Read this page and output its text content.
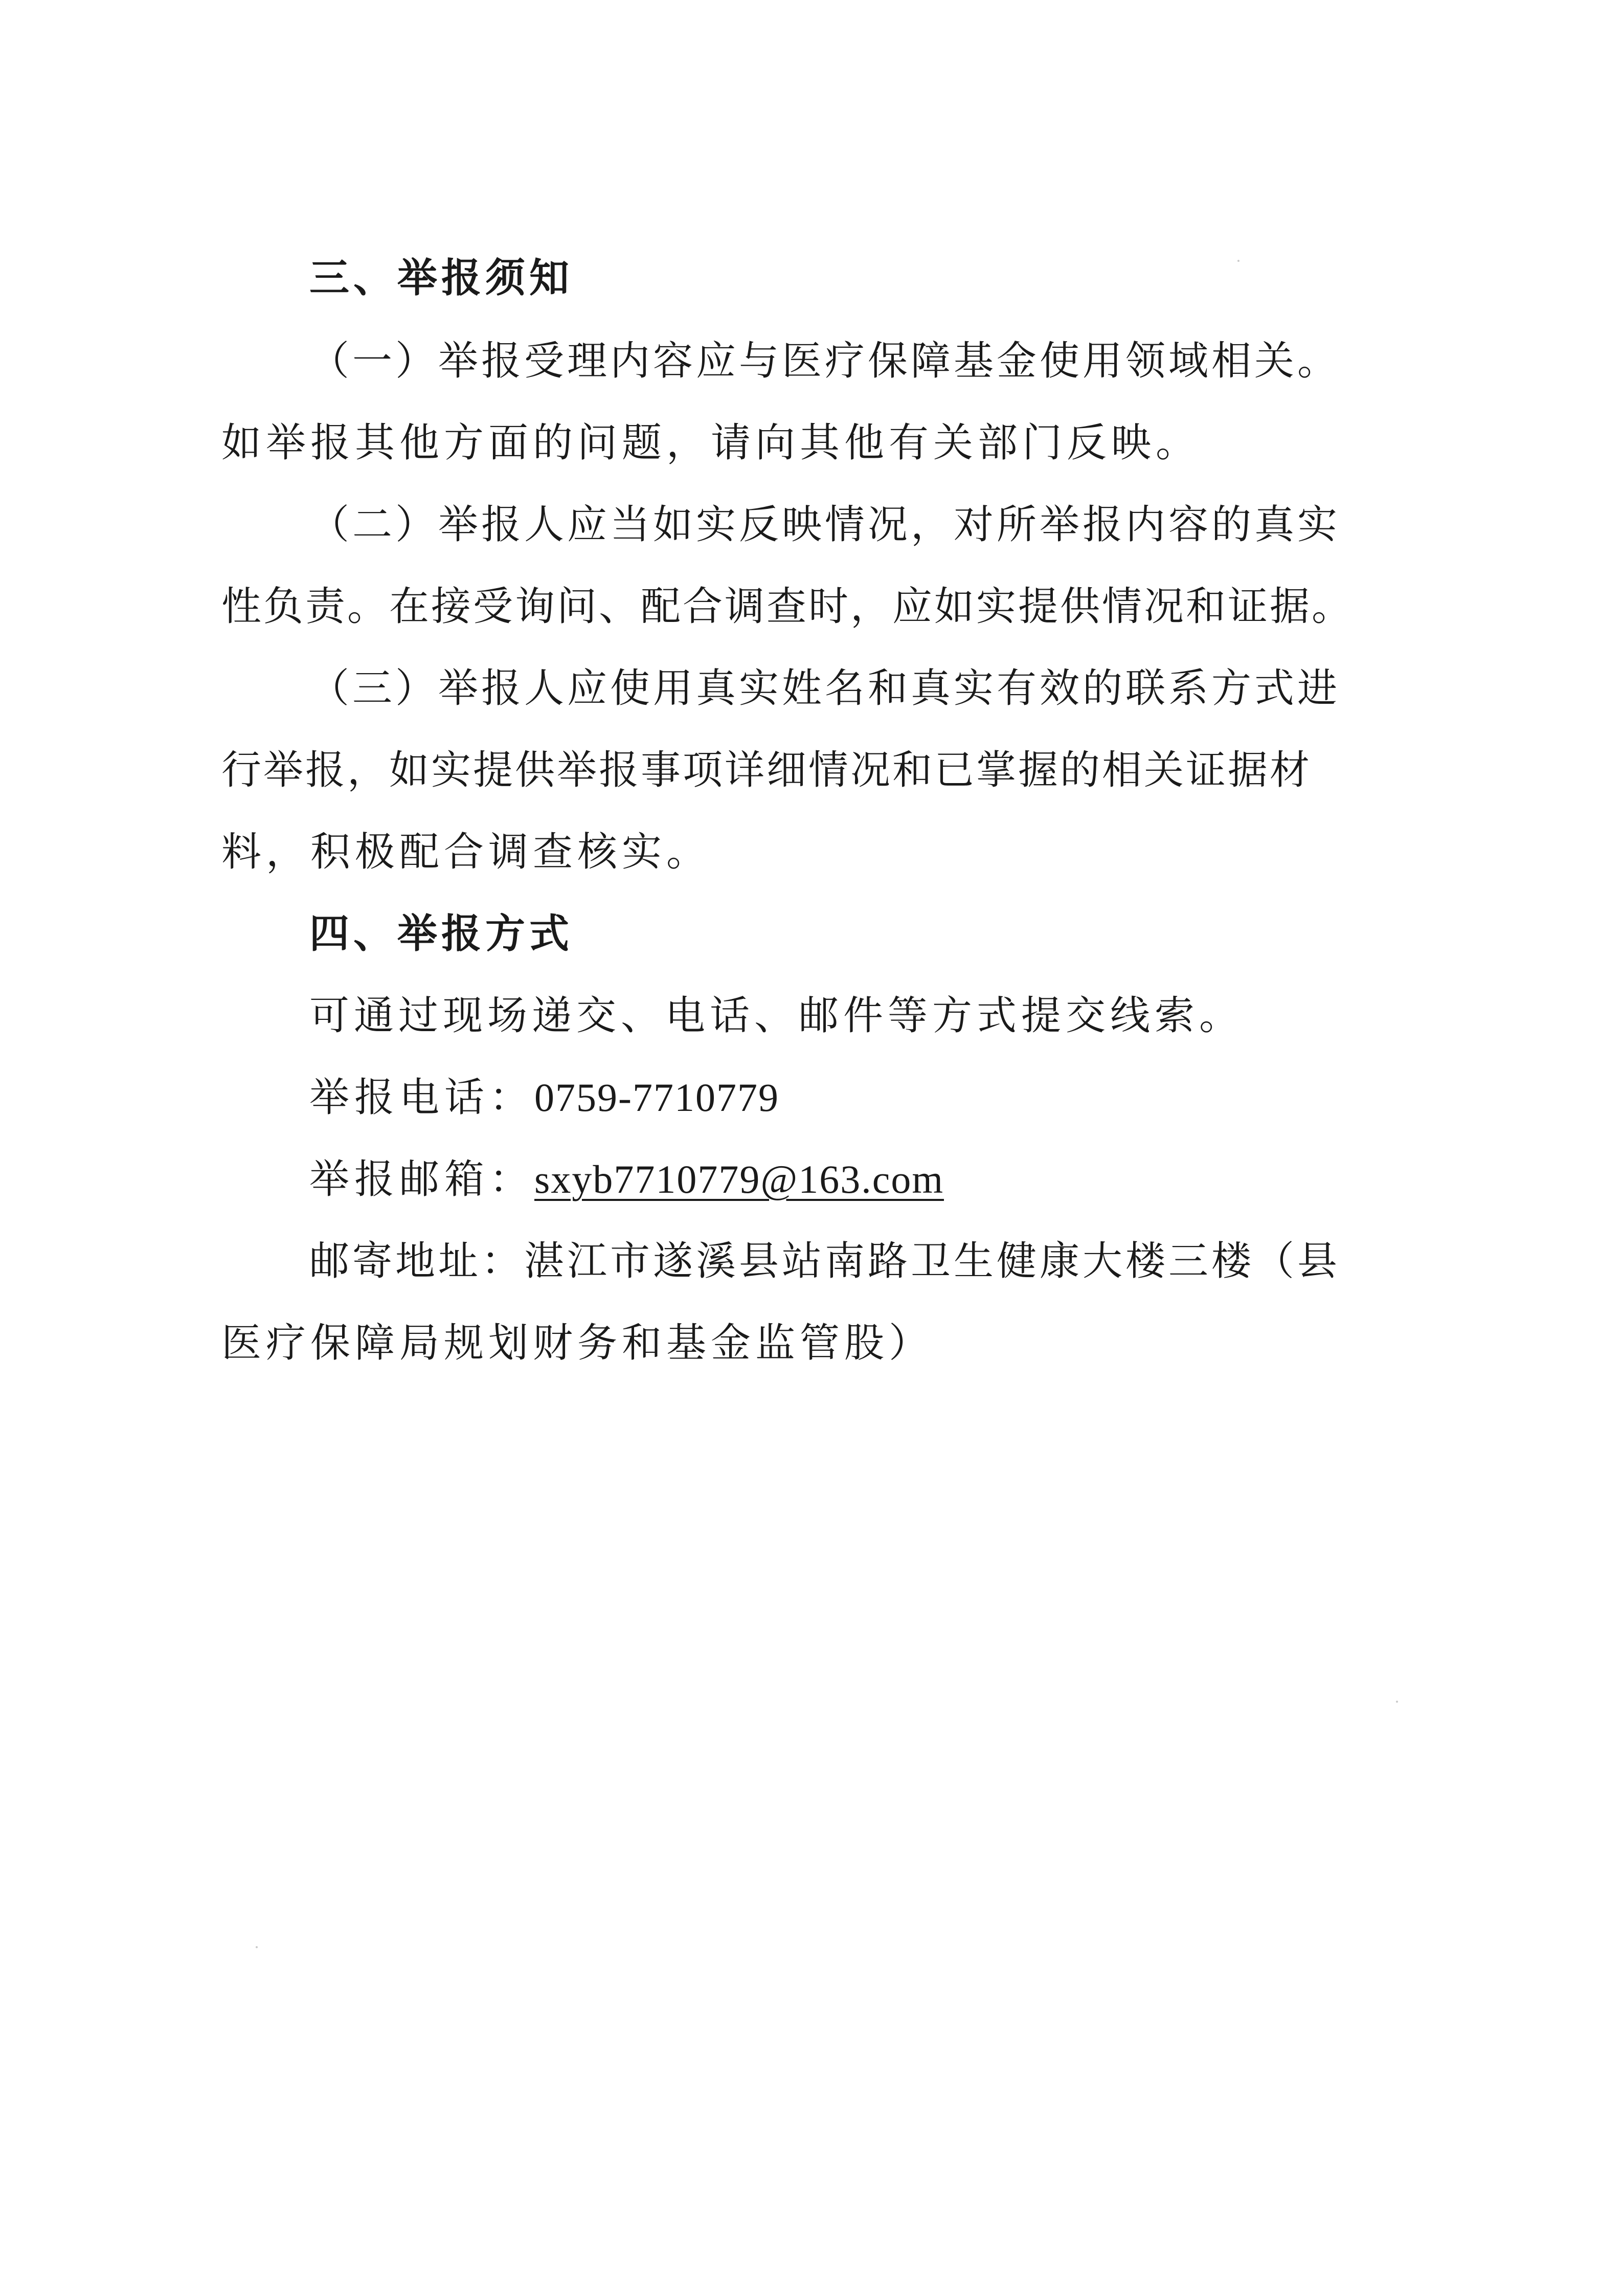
三、举报须知
（一）举报受理内容应与医疗保障基金使用领域相关。
如举报其他方面的问题，请向其他有关部门反映。
（二）举报人应当如实反映情况，对所举报内容的真实
性负责。在接受询问、配合调查时，应如实提供情况和证据。
（三）举报人应使用真实姓名和真实有效的联系方式进
行举报，如实提供举报事项详细情况和已掌握的相关证据材
料，积极配合调查核实。
四、举报方式
可通过现场递交、电话、邮件等方式提交线索。
举报电话：0759-7710779
举报邮箱：sxyb7710779@163.com
邮寄地址：湛江市遂溪县站南路卫生健康大楼三楼（县
医疗保障局规划财务和基金监管股）
